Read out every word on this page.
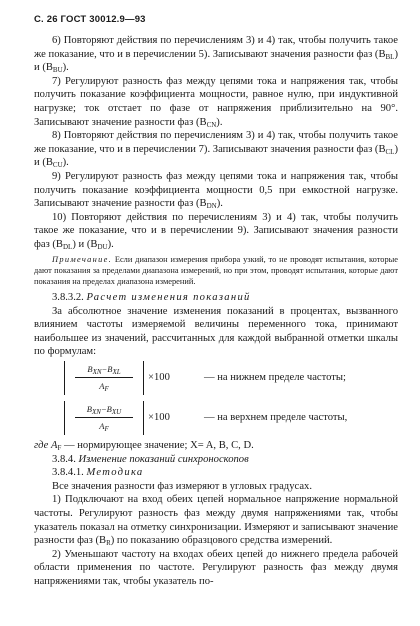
С. 26 ГОСТ 30012.9—93

6) Повторяют действия по перечислениям 3) и 4) так, чтобы получить такое же показание, что и в перечислении 5). Записывают значения разности фаз $(B_{BL})$ и $(B_{BU})$.

7) Регулируют разность фаз между цепями тока и напряжения так, чтобы получить показание коэффициента мощности, равное нулю, при индуктивной нагрузке; ток отстает по фазе от напряжения приблизительно на 90°. Записывают значение разности фаз $(B_{CN})$.

8) Повторяют действия по перечислениям 3) и 4) так, чтобы получить такое же показание, что и в перечислении 7). Записывают значения разности фаз $(B_{CL})$ и $(B_{CU})$.

9) Регулируют разность фаз между цепями тока и напряжения так, чтобы получить показание коэффициента мощности 0,5 при емкостной нагрузке. Записывают значение разности фаз $(B_{DN})$.

10) Повторяют действия по перечислениям 3) и 4) так, чтобы получить такое же показание, что и в перечислении 9). Записывают значения разности фаз $(B_{DL})$ и $(B_{DU})$.

Примечание. Если диапазон измерения прибора узкий, то не проводят испытания, которые дают показания за пределами диапазона измерений, но при этом, проводят испытания, которые дают показания на пределах диапазона измерений.

3.8.3.2. Расчет изменения показаний

За абсолютное значение изменения показаний в процентах, вызванного влиянием частоты измеряемой величины переменного тока, принимают наибольшее из значений, рассчитанных для каждой выбранной отметки шкалы по формулам:

$B_{XN}-B_{XL}$
$A_F$
×100	— на нижнем пределе частоты;
$B_{XN}-B_{XU}$
$A_F$
×100	— на верхнем пределе частоты,

где $A_F$ — нормирующее значение; X= A, B, C, D.

3.8.4. Изменение показаний синхроноскопов

3.8.4.1. Методика

Все значения разности фаз измеряют в угловых градусах.

1) Подключают на вход обеих цепей нормальное напряжение нормальной частоты. Регулируют разность фаз между двумя напряжениями так, чтобы указатель показал на отметку синхронизации. Измеряют и записывают значение разности фаз $(B_R)$ по показанию образцового средства измерений.

2) Уменьшают частоту на входах обеих цепей до нижнего предела рабочей области применения по частоте. Регулируют разность фаз между двумя напряжениями так, чтобы указатель по-
